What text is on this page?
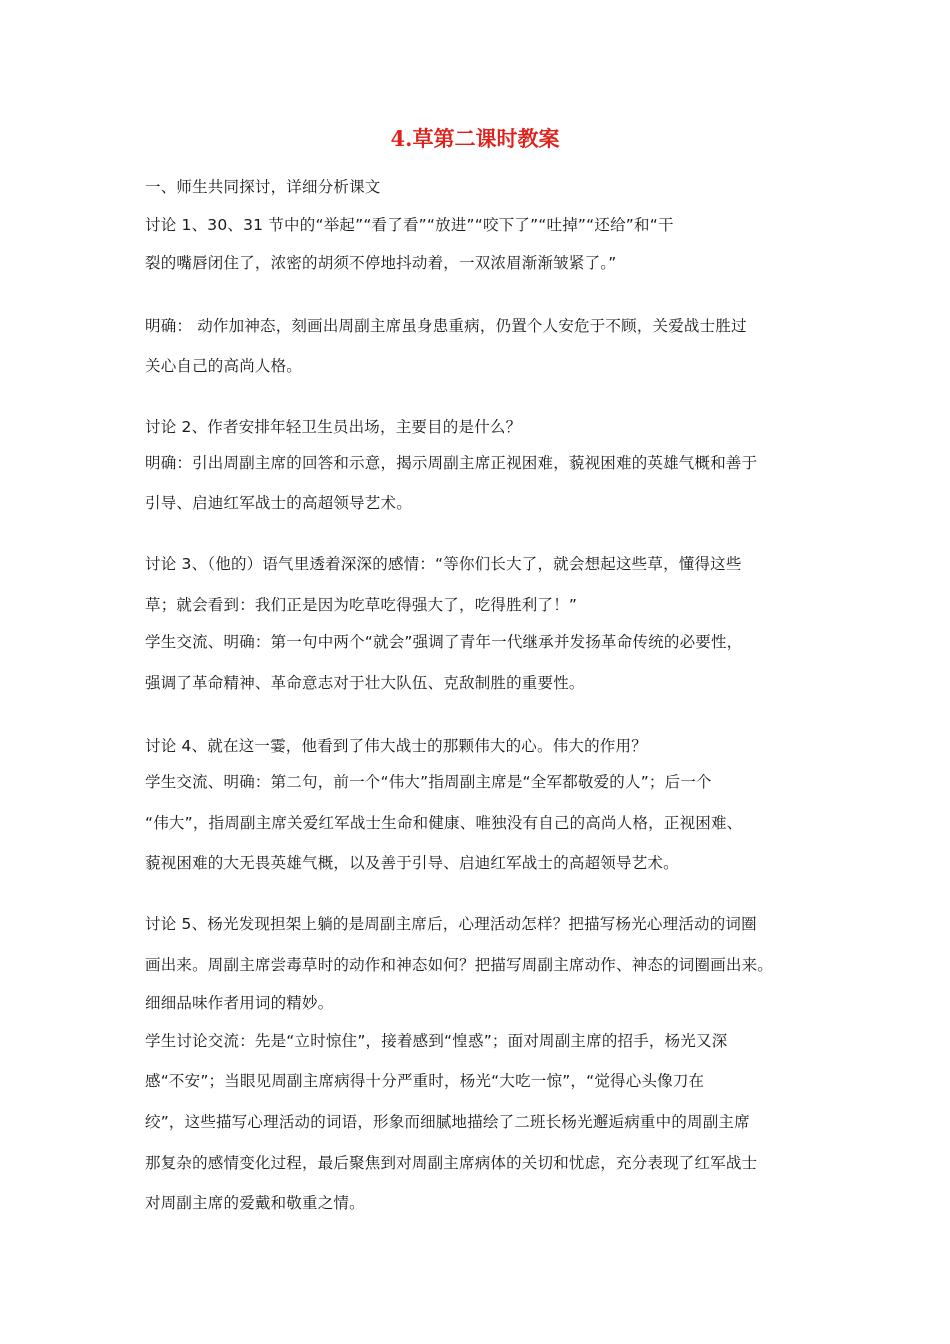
4.草第二课时教案
一、师生共同探讨，详细分析课文
讨论 1、30、31 节中的“举起”“看了看”“放进”“咬下了”“吐掉”“还给”和“干
裂的嘴唇闭住了，浓密的胡须不停地抖动着，一双浓眉渐渐皱紧了。”
明确： 动作加神态，刻画出周副主席虽身患重病，仍置个人安危于不顾，关爱战士胜过
关心自己的高尚人格。
讨论 2、作者安排年轻卫生员出场，主要目的是什么？
明确：引出周副主席的回答和示意，揭示周副主席正视困难，藐视困难的英雄气概和善于
引导、启迪红军战士的高超领导艺术。
讨论 3、（他的）语气里透着深深的感情：“等你们长大了，就会想起这些草，懂得这些
草；就会看到：我们正是因为吃草吃得强大了，吃得胜利了！”
学生交流、明确：第一句中两个“就会”强调了青年一代继承并发扬革命传统的必要性，
强调了革命精神、革命意志对于壮大队伍、克敌制胜的重要性。
讨论 4、就在这一霎，他看到了伟大战士的那颗伟大的心。伟大的作用？
学生交流、明确：第二句，前一个“伟大”指周副主席是“全军都敬爱的人”；后一个
“伟大”，指周副主席关爱红军战士生命和健康、唯独没有自己的高尚人格，正视困难、
藐视困难的大无畏英雄气概，以及善于引导、启迪红军战士的高超领导艺术。
讨论 5、杨光发现担架上躺的是周副主席后，心理活动怎样？把描写杨光心理活动的词圈
画出来。周副主席尝毒草时的动作和神态如何？把描写周副主席动作、神态的词圈画出来。
细细品味作者用词的精妙。
学生讨论交流：先是“立时惊住”，接着感到“惶惑”；面对周副主席的招手，杨光又深
感“不安”；当眼见周副主席病得十分严重时，杨光“大吃一惊”，“觉得心头像刀在
绞”，这些描写心理活动的词语，形象而细腻地描绘了二班长杨光邂逅病重中的周副主席
那复杂的感情变化过程，最后聚焦到对周副主席病体的关切和忧虑，充分表现了红军战士
对周副主席的爱戴和敬重之情。
